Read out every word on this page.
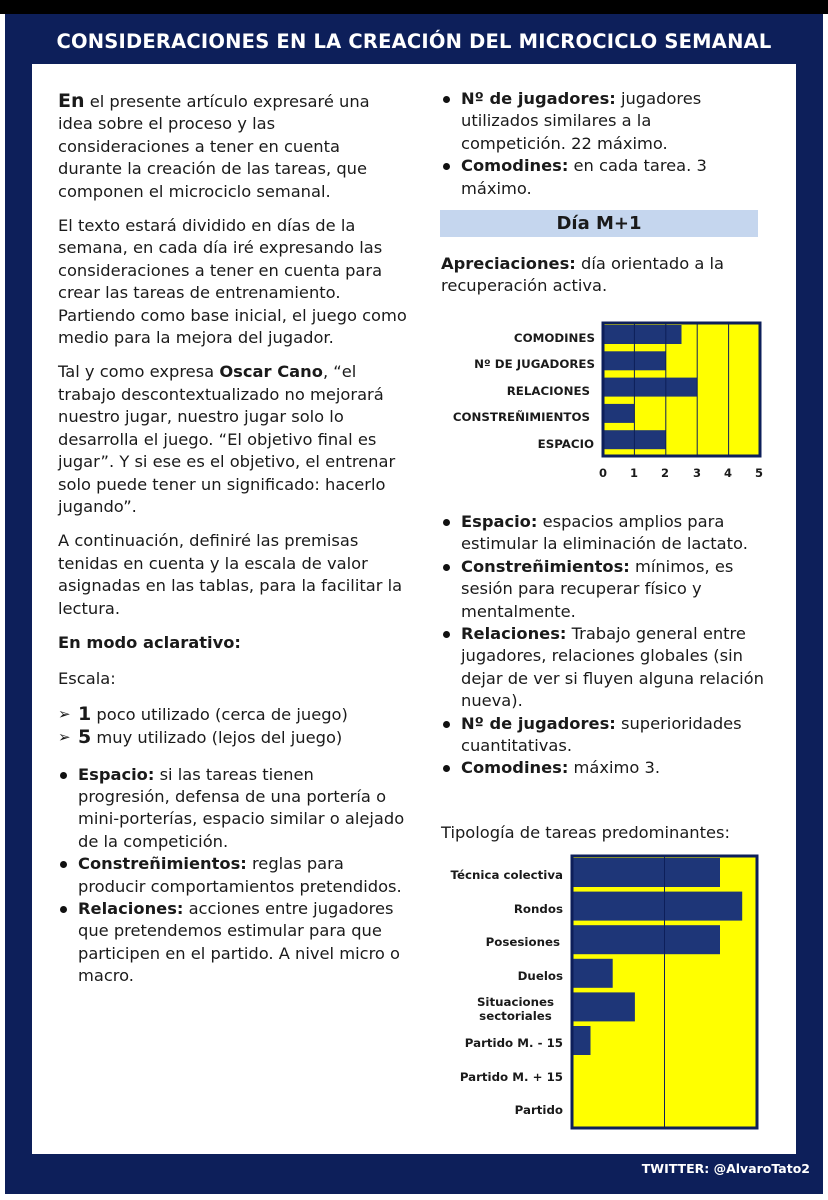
CONSIDERACIONES EN LA CREACIÓN DEL MICROCICLO SEMANAL
TWITTER: @AlvaroTato2

En el presente artículo expresaré una idea sobre el proceso y las consideraciones a tener en cuenta durante la creación de las tareas, que componen el microciclo semanal.

El texto estará dividido en días de la semana, en cada día iré expresando las consideraciones a tener en cuenta para crear las tareas de entrenamiento. Partiendo como base inicial, el juego como medio para la mejora del jugador.

Tal y como expresa Oscar Cano, “el trabajo descontextualizado no mejorará nuestro jugar, nuestro jugar solo lo desarrolla el juego. “El objetivo final es jugar”. Y si ese es el objetivo, el entrenar solo puede tener un significado: hacerlo jugando”.

A continuación, definiré las premisas tenidas en cuenta y la escala de valor asignadas en las tablas, para la facilitar la lectura.

En modo aclarativo:

Escala:

➢ 1 poco utilizado (cerca de juego)
➢ 5 muy utilizado (lejos del juego)
Espacio: si las tareas tienen progresión, defensa de una portería o mini-porterías, espacio similar o alejado de la competición.
Constreñimientos: reglas para producir comportamientos pretendidos.
Relaciones: acciones entre jugadores que pretendemos estimular para que participen en el partido. A nivel micro o macro.
Nº de jugadores: jugadores utilizados similares a la competición. 22 máximo.
Comodines: en cada tarea. 3 máximo.
Día M+1
Apreciaciones: día orientado a la recuperación activa.
COMODINES
Nº DE JUGADORES
RELACIONES
CONSTREÑIMIENTOS
ESPACIO
0	1	2	3	4	5
Espacio: espacios amplios para estimular la eliminación de lactato.
Constreñimientos: mínimos, es sesión para recuperar físico y mentalmente.
Relaciones: Trabajo general entre jugadores, relaciones globales (sin dejar de ver si fluyen alguna relación nueva).
Nº de jugadores: superioridades cuantitativas.
Comodines: máximo 3.
Tipología de tareas predominantes:
Técnica colectiva
Rondos
Posesiones
Duelos
Situaciones sectoriales
Partido M. - 15
Partido M. + 15
Partido
